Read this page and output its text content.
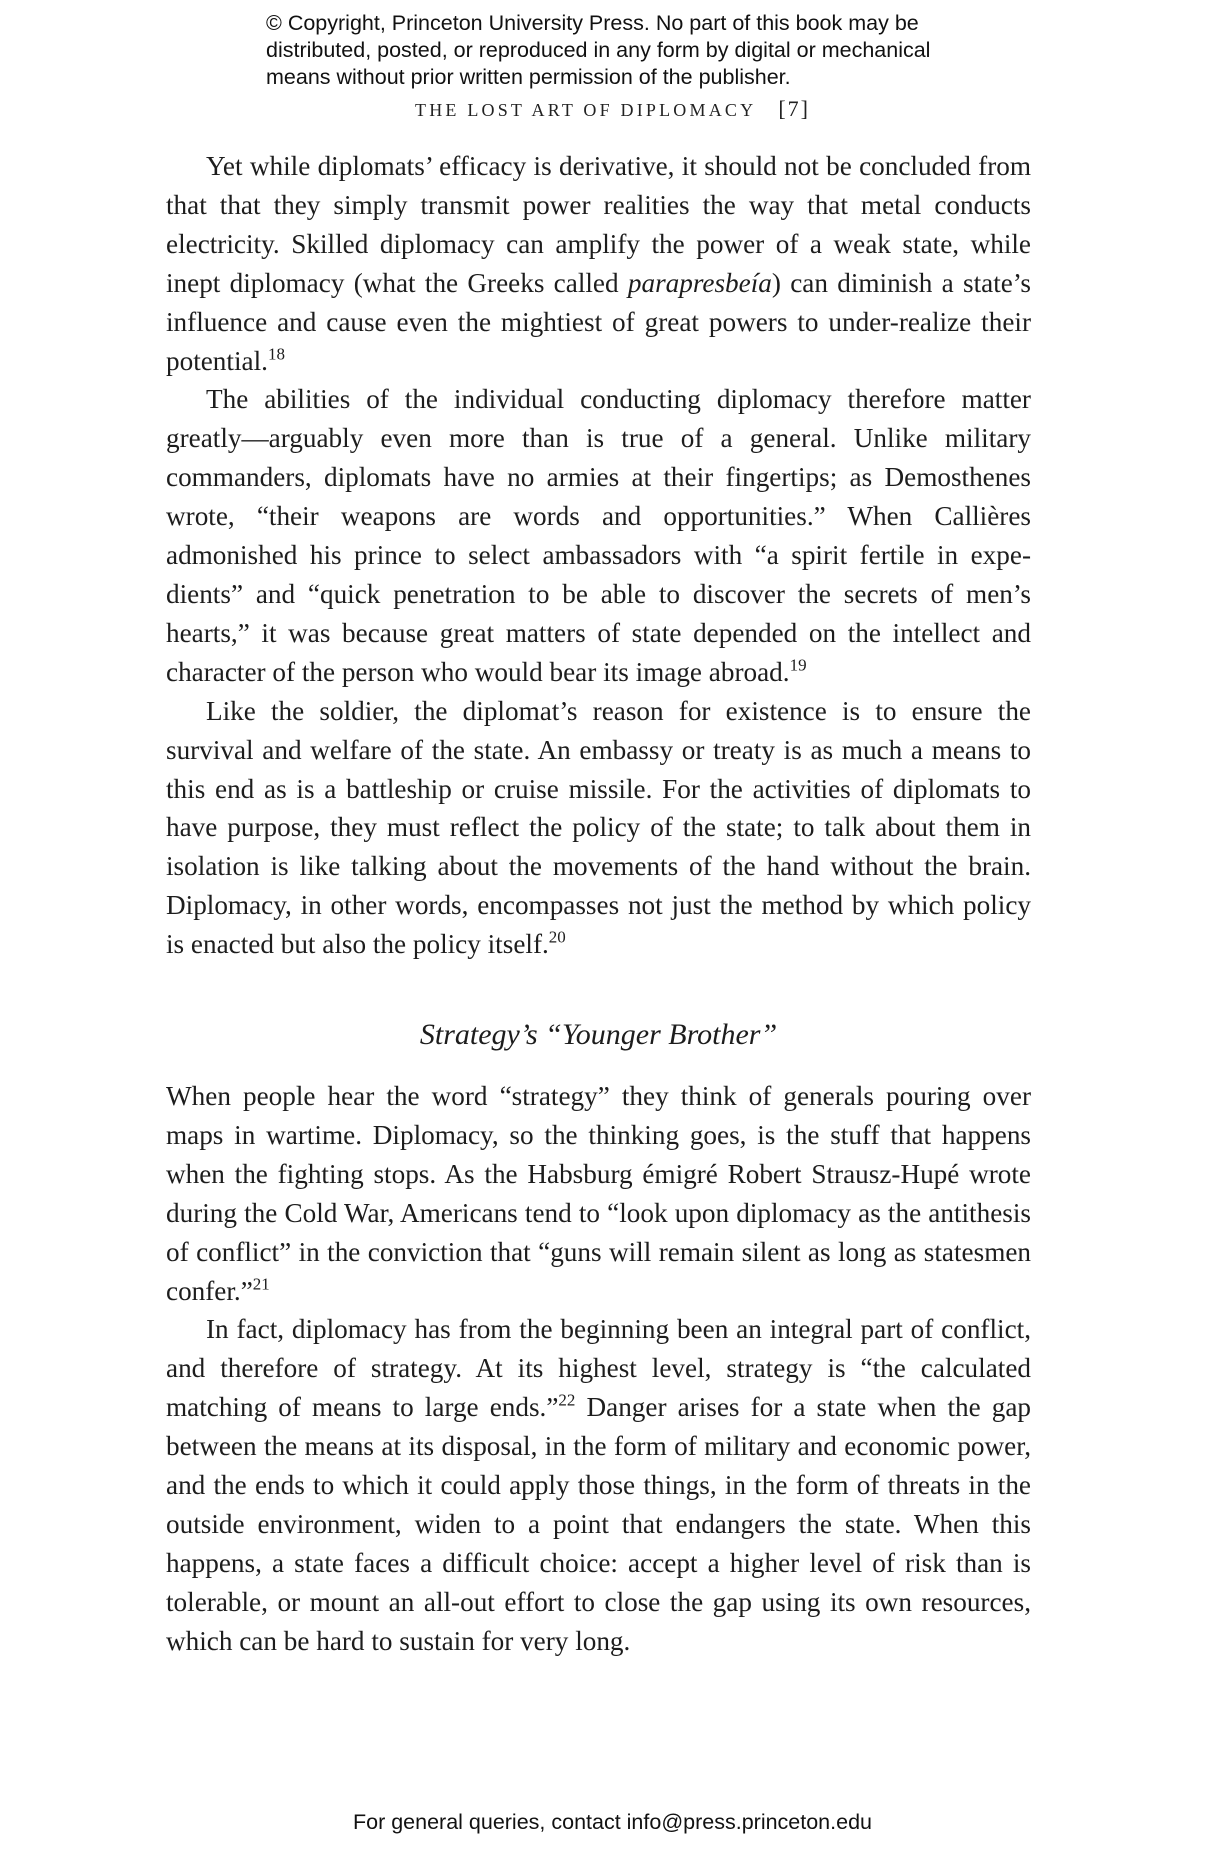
© Copyright, Princeton University Press. No part of this book may be
distributed, posted, or reproduced in any form by digital or mechanical
means without prior written permission of the publisher.
THE LOST ART OF DIPLOMACY [7]

Yet while diplomats’ efficacy is derivative, it should not be concluded from that that they simply transmit power realities the way that metal conducts electricity. Skilled diplomacy can amplify the power of a weak state, while inept diplomacy (what the Greeks called parapresbeía) can diminish a state’s influence and cause even the mightiest of great powers to under-realize their potential.$^{18}$

The abilities of the individual conducting diplomacy therefore matter greatly—arguably even more than is true of a general. Unlike military commanders, diplomats have no armies at their fingertips; as Demosthenes wrote, “their weapons are words and opportunities.” When Callières admonished his prince to select ambassadors with “a spirit fertile in expedients” and “quick penetration to be able to discover the secrets of men’s hearts,” it was because great matters of state depended on the intellect and character of the person who would bear its image abroad.$^{19}$

Like the soldier, the diplomat’s reason for existence is to ensure the survival and welfare of the state. An embassy or treaty is as much a means to this end as is a battleship or cruise missile. For the activities of diplomats to have purpose, they must reflect the policy of the state; to talk about them in isolation is like talking about the movements of the hand without the brain. Diplomacy, in other words, encompasses not just the method by which policy is enacted but also the policy itself.$^{20}$

Strategy’s “Younger Brother”

When people hear the word “strategy” they think of generals pouring over maps in wartime. Diplomacy, so the thinking goes, is the stuff that happens when the fighting stops. As the Habsburg émigré Robert Strausz-Hupé wrote during the Cold War, Americans tend to “look upon diplomacy as the antithesis of conflict” in the conviction that “guns will remain silent as long as statesmen confer.”$^{21}$

In fact, diplomacy has from the beginning been an integral part of conflict, and therefore of strategy. At its highest level, strategy is “the calculated matching of means to large ends.”$^{22}$ Danger arises for a state when the gap between the means at its disposal, in the form of military and economic power, and the ends to which it could apply those things, in the form of threats in the outside environment, widen to a point that endangers the state. When this happens, a state faces a difficult choice: accept a higher level of risk than is tolerable, or mount an all-out effort to close the gap using its own resources, which can be hard to sustain for very long.

For general queries, contact info@press.princeton.edu
